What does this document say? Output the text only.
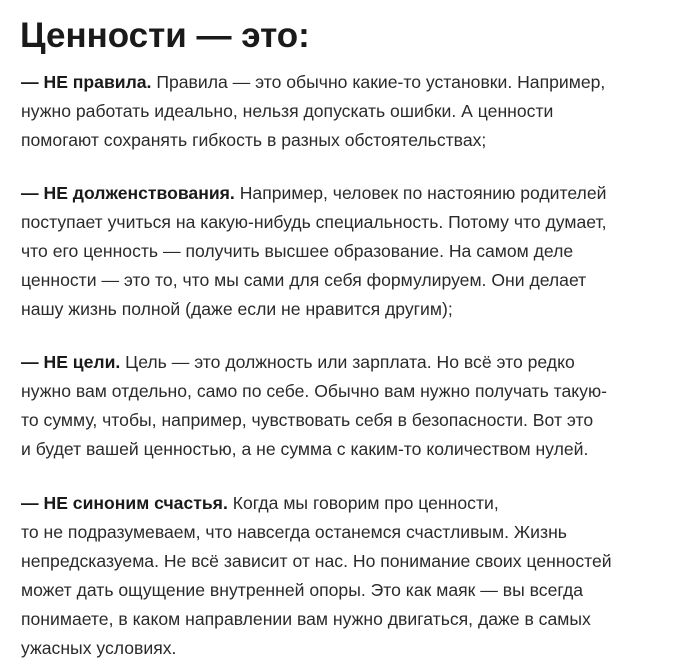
Ценности — это:
— НЕ правила. Правила — это обычно какие-то установки. Например,
нужно работать идеально, нельзя допускать ошибки. А ценности
помогают сохранять гибкость в разных обстоятельствах;
— НЕ долженствования. Например, человек по настоянию родителей
поступает учиться на какую-нибудь специальность. Потому что думает,
что его ценность — получить высшее образование. На самом деле
ценности — это то, что мы сами для себя формулируем. Они делает
нашу жизнь полной (даже если не нравится другим);
— НЕ цели. Цель — это должность или зарплата. Но всё это редко
нужно вам отдельно, само по себе. Обычно вам нужно получать такую-
то сумму, чтобы, например, чувствовать себя в безопасности. Вот это
и будет вашей ценностью, а не сумма с каким-то количеством нулей.
— НЕ синоним счастья. Когда мы говорим про ценности,
то не подразумеваем, что навсегда останемся счастливым. Жизнь
непредсказуема. Не всё зависит от нас. Но понимание своих ценностей
может дать ощущение внутренней опоры. Это как маяк — вы всегда
понимаете, в каком направлении вам нужно двигаться, даже в самых
ужасных условиях.
